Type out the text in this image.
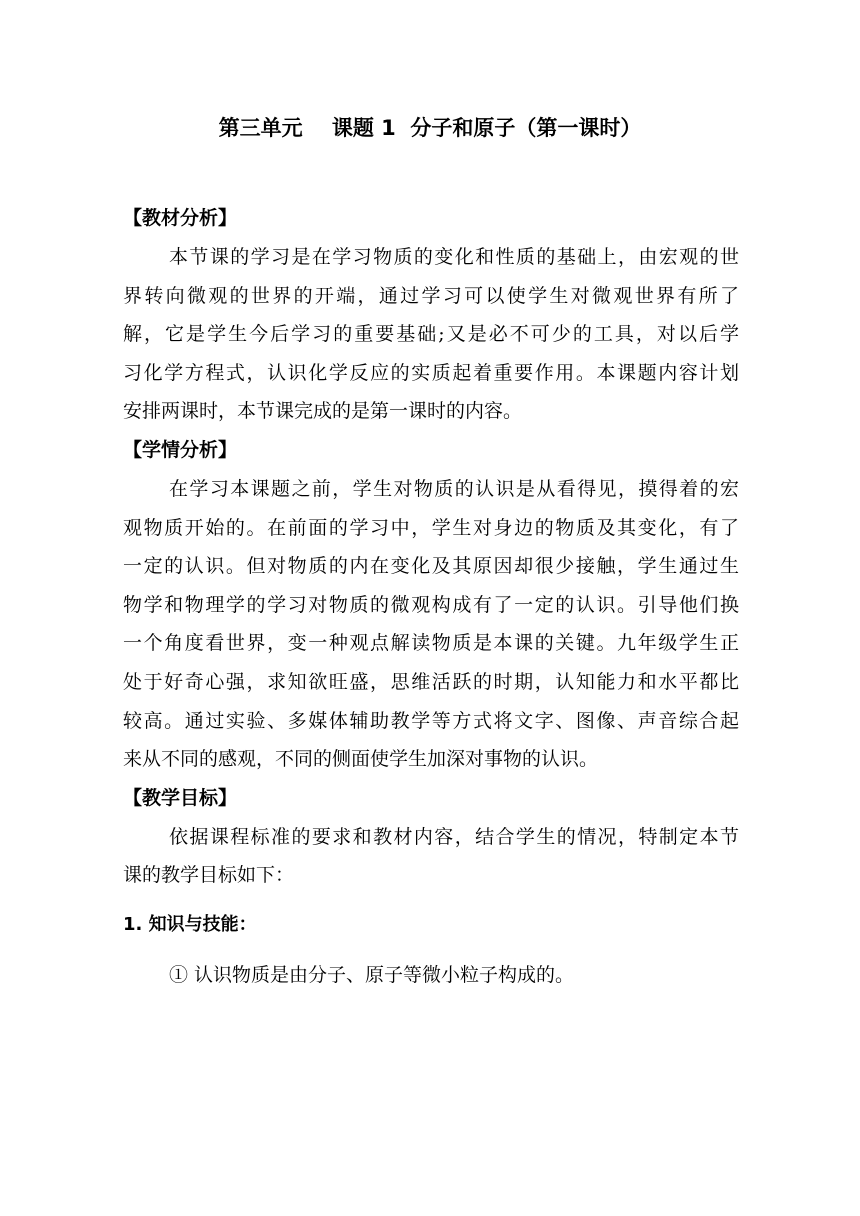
第三单元    课题 1  分子和原子（第一课时）
【教材分析】
本节课的学习是在学习物质的变化和性质的基础上，由宏观的世
界转向微观的世界的开端，通过学习可以使学生对微观世界有所了
解，它是学生今后学习的重要基础;又是必不可少的工具，对以后学
习化学方程式，认识化学反应的实质起着重要作用。本课题内容计划
安排两课时，本节课完成的是第一课时的内容。
【学情分析】
在学习本课题之前，学生对物质的认识是从看得见，摸得着的宏
观物质开始的。在前面的学习中，学生对身边的物质及其变化，有了
一定的认识。但对物质的内在变化及其原因却很少接触，学生通过生
物学和物理学的学习对物质的微观构成有了一定的认识。引导他们换
一个角度看世界，变一种观点解读物质是本课的关键。九年级学生正
处于好奇心强，求知欲旺盛，思维活跃的时期，认知能力和水平都比
较高。通过实验、多媒体辅助教学等方式将文字、图像、声音综合起
来从不同的感观，不同的侧面使学生加深对事物的认识。
【教学目标】
依据课程标准的要求和教材内容，结合学生的情况，特制定本节
课的教学目标如下：
1. 知识与技能：
① 认识物质是由分子、原子等微小粒子构成的。
